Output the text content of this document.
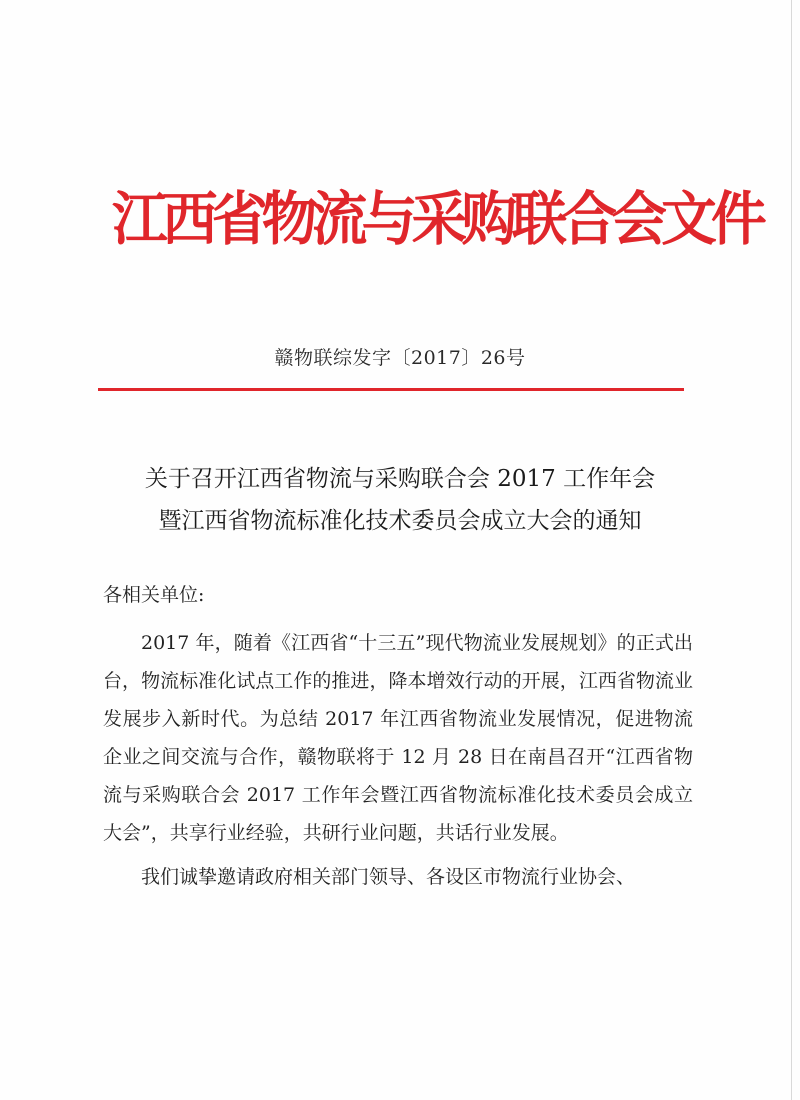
江西省物流与采购联合会文件
赣物联综发字〔2017〕26号
关于召开江西省物流与采购联合会 2017 工作年会
暨江西省物流标准化技术委员会成立大会的通知
各相关单位:

2017 年，随着《江西省“十三五”现代物流业发展规划》的正式出台，物流标准化试点工作的推进，降本增效行动的开展，江西省物流业发展步入新时代。为总结 2017 年江西省物流业发展情况，促进物流企业之间交流与合作，赣物联将于 12 月 28 日在南昌召开“江西省物流与采购联合会 2017 工作年会暨江西省物流标准化技术委员会成立大会”，共享行业经验，共研行业问题，共话行业发展。

我们诚挚邀请政府相关部门领导、各设区市物流行业协会、
